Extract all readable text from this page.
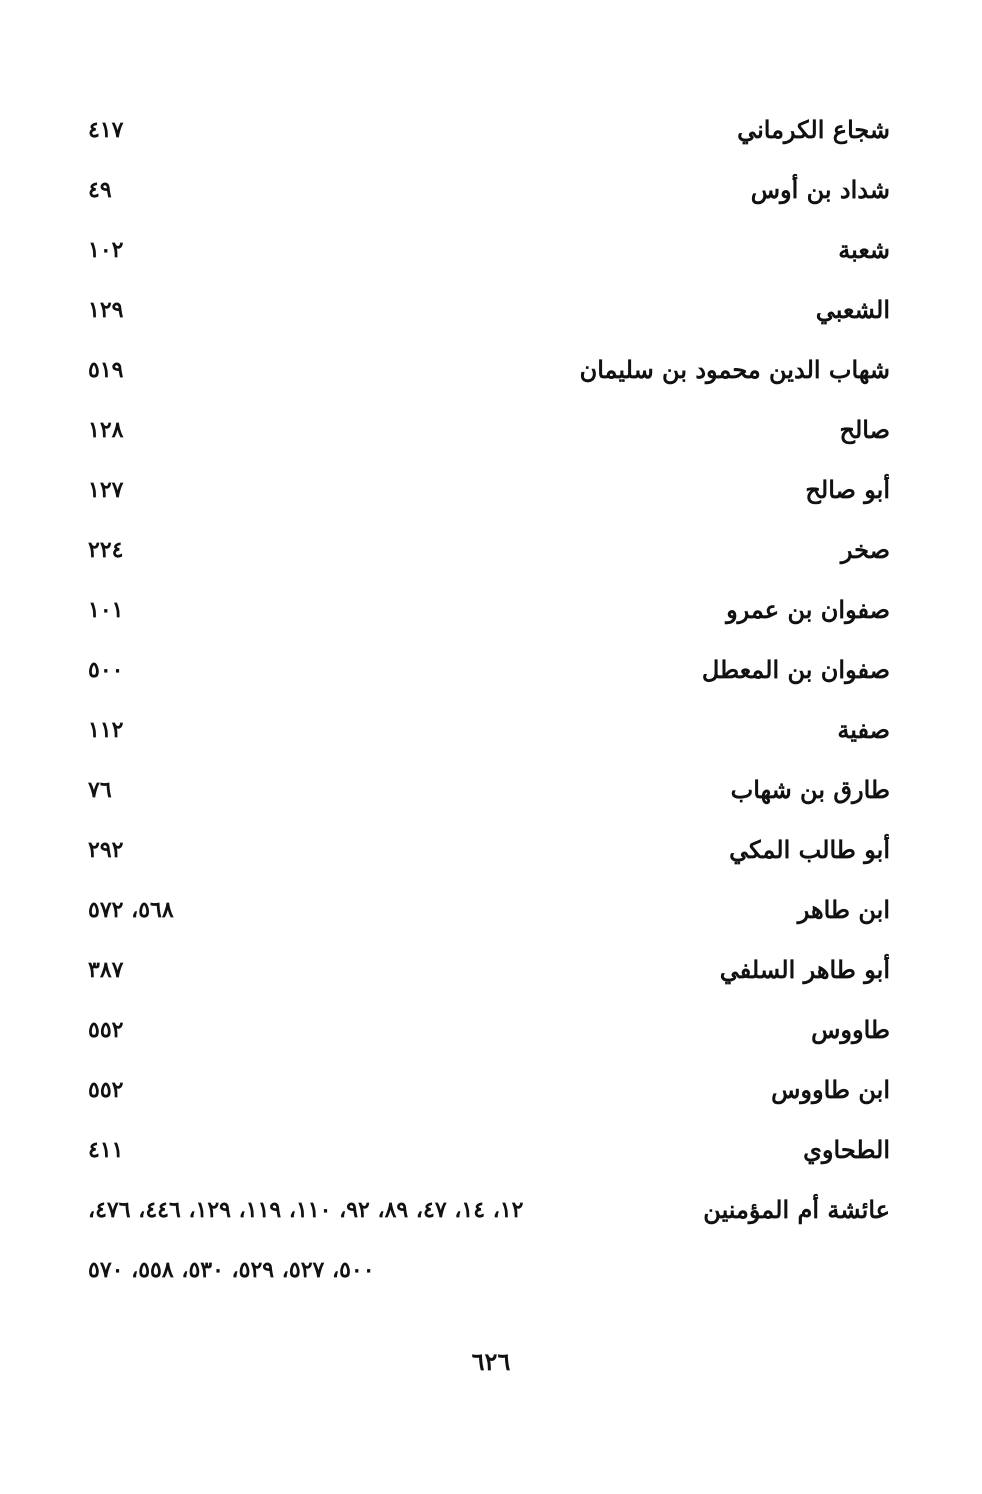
شجاع الكرماني
٤١٧
شداد بن أوس
٤٩
شعبة
١٠٢
الشعبي
١٢٩
شهاب الدين محمود بن سليمان
٥١٩
صالح
١٢٨
أبو صالح
١٢٧
صخر
٢٢٤
صفوان بن عمرو
١٠١
صفوان بن المعطل
٥٠٠
صفية
١١٢
طارق بن شهاب
٧٦
أبو طالب المكي
٢٩٢
ابن طاهر
٥٦٨، ٥٧٢
أبو طاهر السلفي
٣٨٧
طاووس
٥٥٢
ابن طاووس
٥٥٢
الطحاوي
٤١١
عائشة أم المؤمنين
١٢، ١٤، ٤٧، ٨٩، ٩٢، ١١٠، ١١٩، ١٢٩، ٤٤٦، ٤٧٦،
٥٠٠، ٥٢٧، ٥٢٩، ٥٣٠، ٥٥٨، ٥٧٠
٦٢٦
